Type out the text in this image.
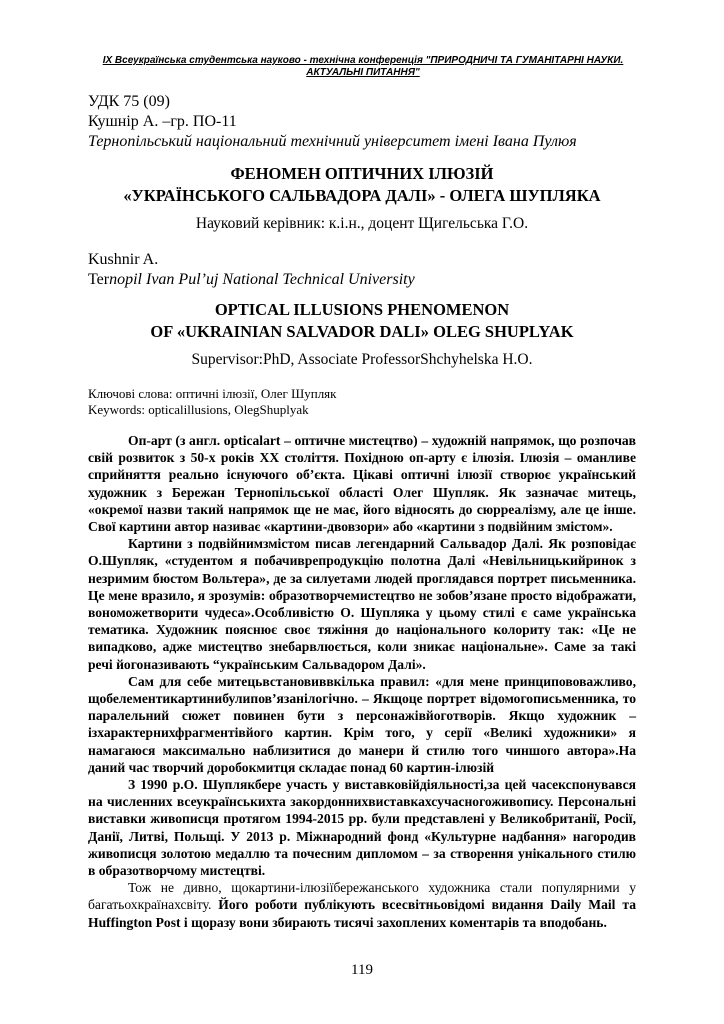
IX Всеукраїнська студентська науково - технічна конференція "ПРИРОДНИЧІ ТА ГУМАНІТАРНІ НАУКИ.
АКТУАЛЬНІ ПИТАННЯ"
УДК 75 (09)
Кушнір А. –гр. ПО-11
Тернопільський національний технічний університет імені Івана Пулюя
ФЕНОМЕН ОПТИЧНИХ ІЛЮЗІЙ
«УКРАЇНСЬКОГО САЛЬВАДОРА ДАЛІ» - ОЛЕГА ШУПЛЯКА
Науковий керівник: к.і.н., доцент Щигельська Г.О.
Kushnir A.
Ternopil Ivan Pul’uj National Technical University
OPTICAL ILLUSIONS PHENOMENON
OF «UKRAINIAN SALVADOR DALI» OLEG SHUPLYAK
Supervisor:PhD, Associate ProfessorShchyhelska H.O.
Ключові слова: оптичні ілюзії, Олег Шупляк
Keywords: opticalillusions, OlegShuplyak

Оп-арт (з англ. opticalart – оптичне мистецтво) – художній напрямок, що розпочав свій розвиток з 50-х років XX століття. Похідною оп-арту є ілюзія. Ілюзія – оманливе сприйняття реально існуючого об’єкта. Цікаві оптичні ілюзії створює український художник з Бережан Тернопільської області Олег Шупляк. Як зазначає митець, «окремої назви такий напрямок ще не має, його відносять до сюрреалізму, але це інше. Свої картини автор називає «картини-двовзори» або «картини з подвійним змістом».

Картини з подвійнимзмістом писав легендарний Сальвадор Далі. Як розповідає О.Шупляк, «студентом я побачиврепродукцію полотна Далі «Невільницькийринок з незримим бюстом Вольтера», де за силуетами людей проглядався портрет письменника. Це мене вразило, я зрозумів: образотворчемистецтво не зобов’язане просто відображати, вономожетворити чудеса».Особливістю О. Шупляка у цьому стилі є саме українська тематика. Художник пояснює своє тяжіння до національного колориту так: «Це не випадково, адже мистецтво знебарвлюється, коли зникає національне». Саме за такі речі йогоназивають “українським Сальвадором Далі».

Сам для себе митецьвстановиввкілька правил: «для мене принципововажливо, щобелементикартинибулиповʼязанілогічно. – Якщоце портрет відомогописьменника, то паралельний сюжет повинен бути з персонажівйоготворів. Якщо художник – ізхарактернихфрагментівйого картин. Крім того, у серії «Великі художники» я намагаюся максимально наблизитися до манери й стилю того чиншого автора».На даний час творчий доробокмитця складає понад 60 картин-ілюзій

З 1990 р.О. Шуплякбере участь у виставковійдіяльності,за цей часекспонувався на численних всеукраїнськихта закордоннихвиставкахсучасногоживопису. Персональні виставки живописця протягом 1994-2015 рр. були представлені у Великобританії, Росії, Данії, Литві, Польщі. У 2013 р. Міжнародний фонд «Культурне надбання» нагородив живописця золотою медаллю та почесним дипломом – за створення унікального стилю в образотворчому мистецтві.

Тож не дивно, щокартини-ілюзіїбережанського художника стали популярними у багатьохкраїнахсвіту. Його роботи публікують всесвітньовідомі видання Daily Mail та Huffington Post і щоразу вони збирають тисячі захоплених коментарів та вподобань.

119
